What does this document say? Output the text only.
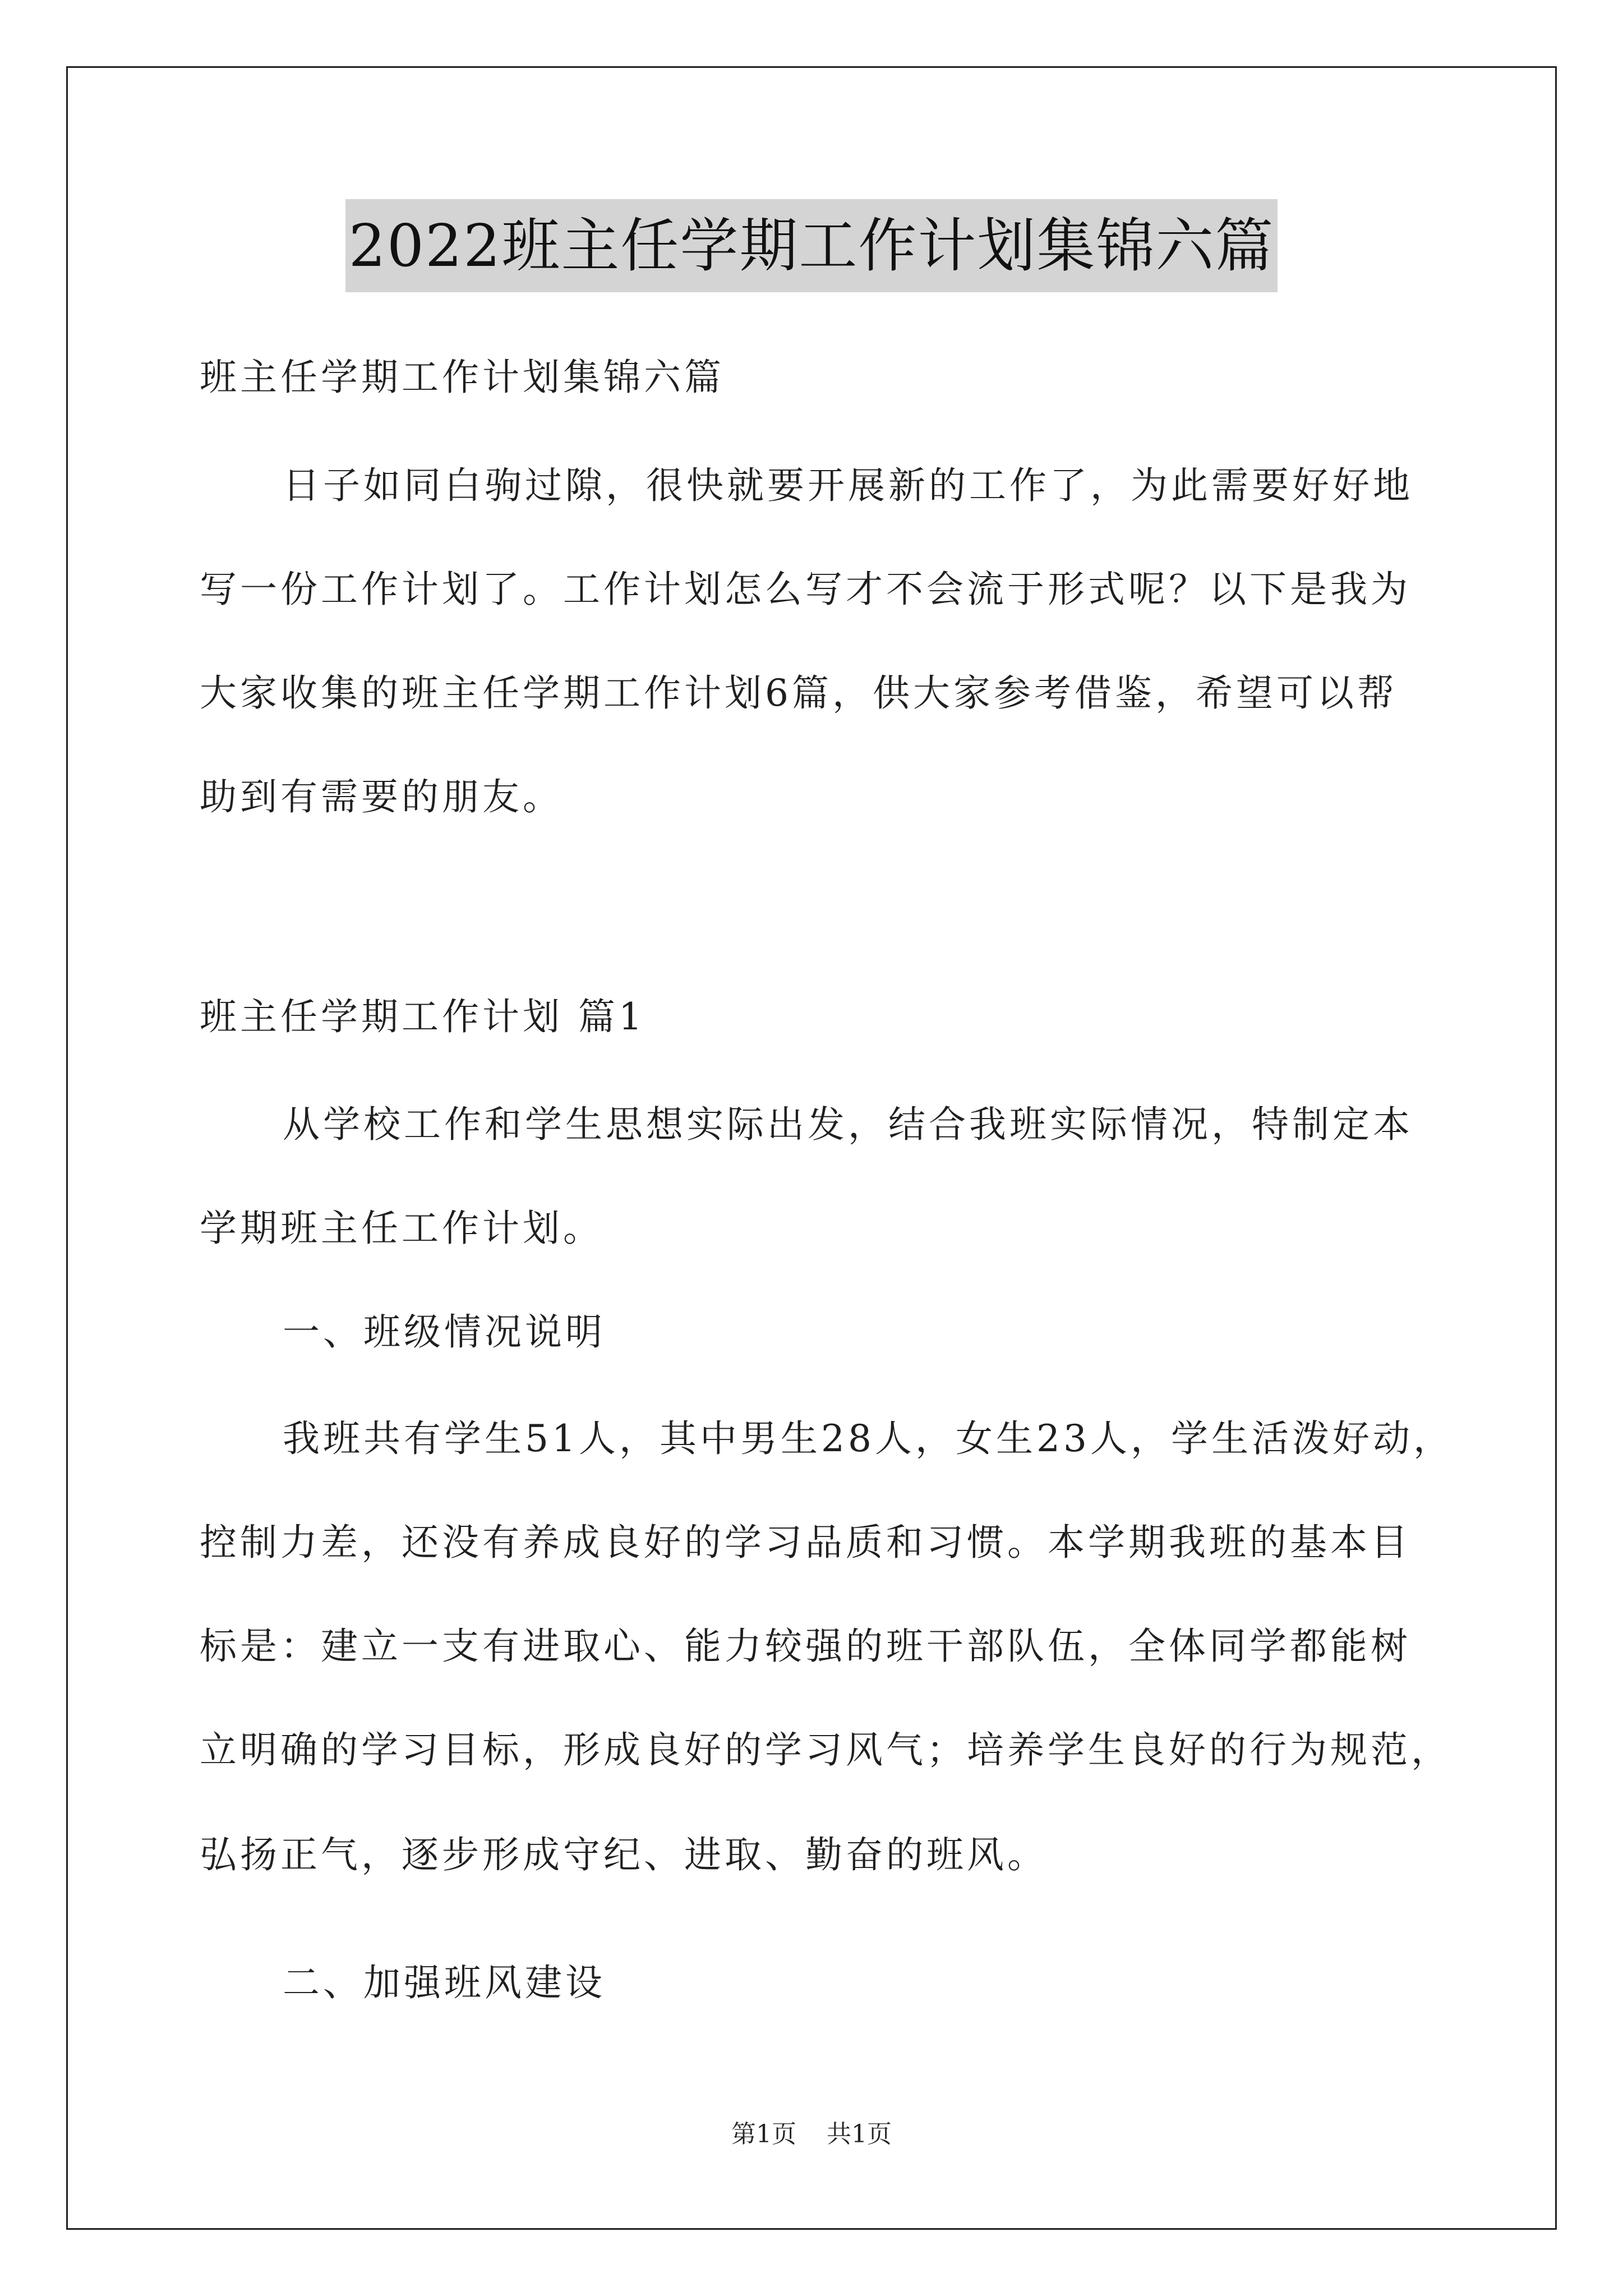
2022班主任学期工作计划集锦六篇
班主任学期工作计划集锦六篇
日子如同白驹过隙，很快就要开展新的工作了，为此需要好好地
写一份工作计划了。工作计划怎么写才不会流于形式呢？以下是我为
大家收集的班主任学期工作计划6篇，供大家参考借鉴，希望可以帮
助到有需要的朋友。
班主任学期工作计划 篇1
从学校工作和学生思想实际出发，结合我班实际情况，特制定本
学期班主任工作计划。
一、班级情况说明
我班共有学生51人，其中男生28人，女生23人，学生活泼好动，
控制力差，还没有养成良好的学习品质和习惯。本学期我班的基本目
标是：建立一支有进取心、能力较强的班干部队伍，全体同学都能树
立明确的学习目标，形成良好的学习风气；培养学生良好的行为规范，
弘扬正气，逐步形成守纪、进取、勤奋的班风。
二、加强班风建设
第1页 共1页
